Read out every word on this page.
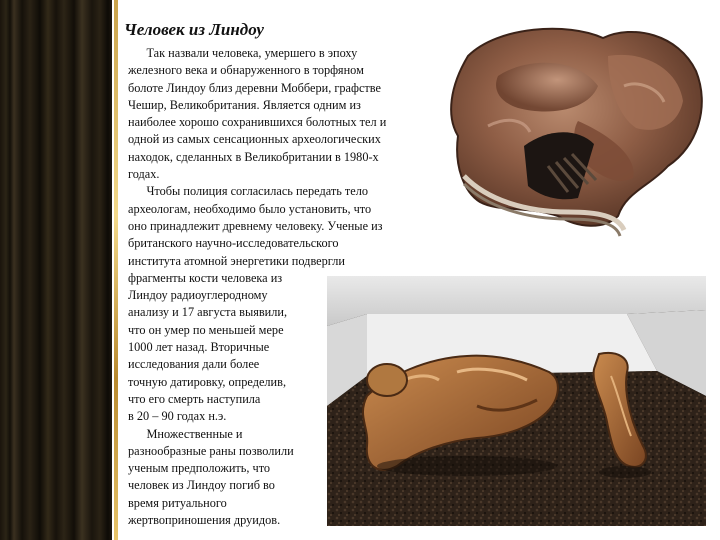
Человек из Линдоу
Так назвали человека, умершего в эпоху
железного века и обнаруженного в торфяном
болоте Линдоу близ деревни Моббери, графстве
Чешир, Великобритания. Является одним из
наиболее хорошо сохранившихся болотных тел и
одной из самых сенсационных археологических
находок, сделанных в Великобритании в 1980-х
годах.
Чтобы полиция согласилась передать тело
археологам, необходимо было установить, что
оно принадлежит древнему человеку. Ученые из
британского научно-исследовательского
института атомной энергетики подвергли
фрагменты кости человека из
Линдоу радиоуглеродному
анализу и 17 августа выявили,
что он умер по меньшей мере
1000 лет назад. Вторичные
исследования дали более
точную датировку, определив,
что его смерть наступила
в 20 – 90 годах н.э.
Множественные и
разнообразные раны позволили
ученым предположить, что
человек из Линдоу погиб во
время ритуального
жертвоприношения друидов.
